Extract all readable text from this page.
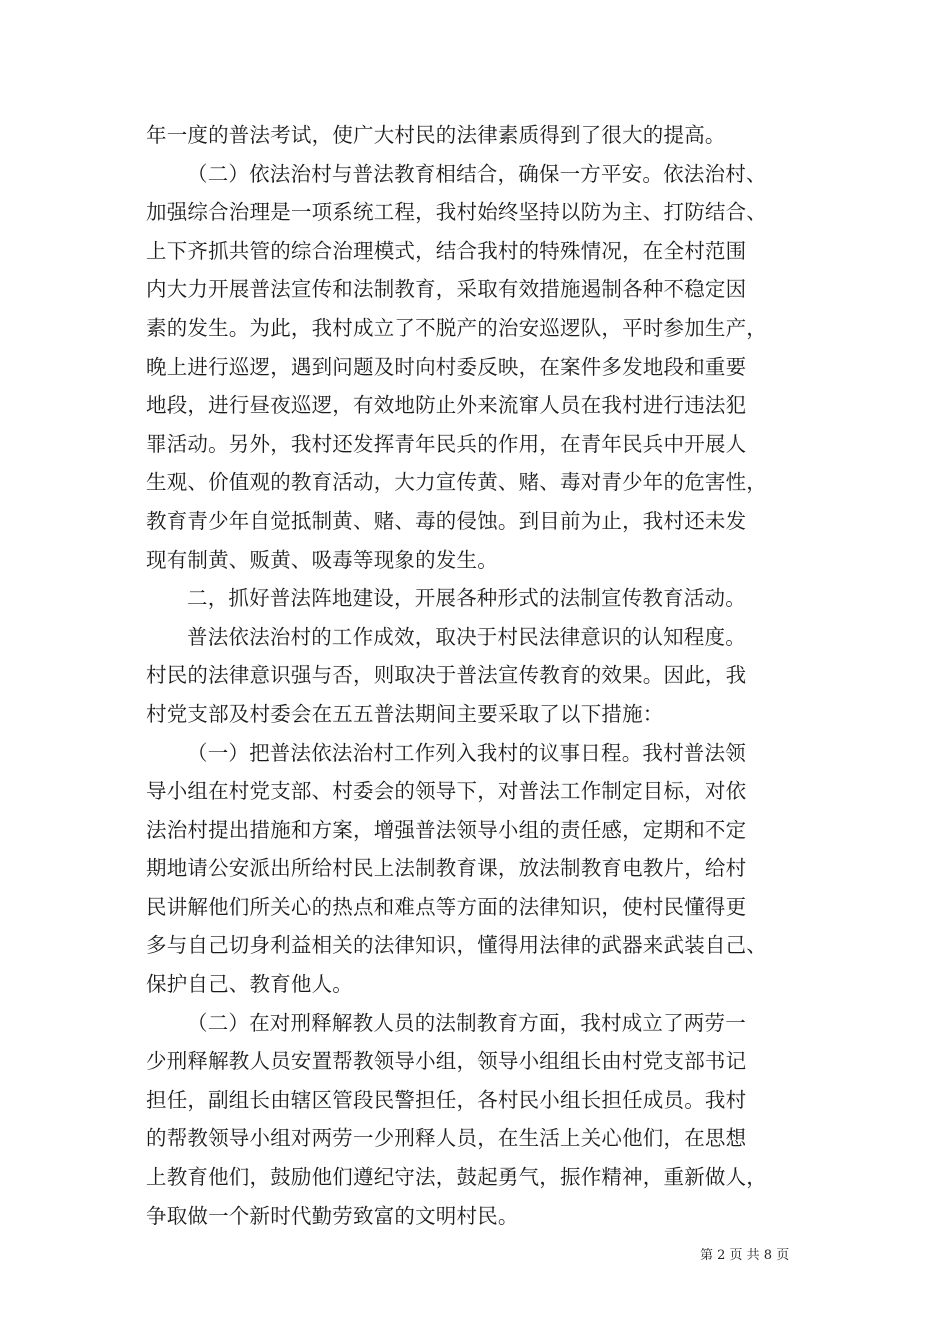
年一度的普法考试，使广大村民的法律素质得到了很大的提高。
（二）依法治村与普法教育相结合，确保一方平安。依法治村、
加强综合治理是一项系统工程，我村始终坚持以防为主、打防结合、
上下齐抓共管的综合治理模式，结合我村的特殊情况，在全村范围
内大力开展普法宣传和法制教育，采取有效措施遏制各种不稳定因
素的发生。为此，我村成立了不脱产的治安巡逻队，平时参加生产，
晚上进行巡逻，遇到问题及时向村委反映，在案件多发地段和重要
地段，进行昼夜巡逻，有效地防止外来流窜人员在我村进行违法犯
罪活动。另外，我村还发挥青年民兵的作用，在青年民兵中开展人
生观、价值观的教育活动，大力宣传黄、赌、毒对青少年的危害性，
教育青少年自觉抵制黄、赌、毒的侵蚀。到目前为止，我村还未发
现有制黄、贩黄、吸毒等现象的发生。
二，抓好普法阵地建设，开展各种形式的法制宣传教育活动。
普法依法治村的工作成效，取决于村民法律意识的认知程度。
村民的法律意识强与否，则取决于普法宣传教育的效果。因此，我
村党支部及村委会在五五普法期间主要采取了以下措施：
（一）把普法依法治村工作列入我村的议事日程。我村普法领
导小组在村党支部、村委会的领导下，对普法工作制定目标，对依
法治村提出措施和方案，增强普法领导小组的责任感，定期和不定
期地请公安派出所给村民上法制教育课，放法制教育电教片，给村
民讲解他们所关心的热点和难点等方面的法律知识，使村民懂得更
多与自己切身利益相关的法律知识，懂得用法律的武器来武装自己、
保护自己、教育他人。
（二）在对刑释解教人员的法制教育方面，我村成立了两劳一
少刑释解教人员安置帮教领导小组，领导小组组长由村党支部书记
担任，副组长由辖区管段民警担任，各村民小组长担任成员。我村
的帮教领导小组对两劳一少刑释人员，在生活上关心他们，在思想
上教育他们，鼓励他们遵纪守法，鼓起勇气，振作精神，重新做人，
争取做一个新时代勤劳致富的文明村民。
第 2 页 共 8 页
